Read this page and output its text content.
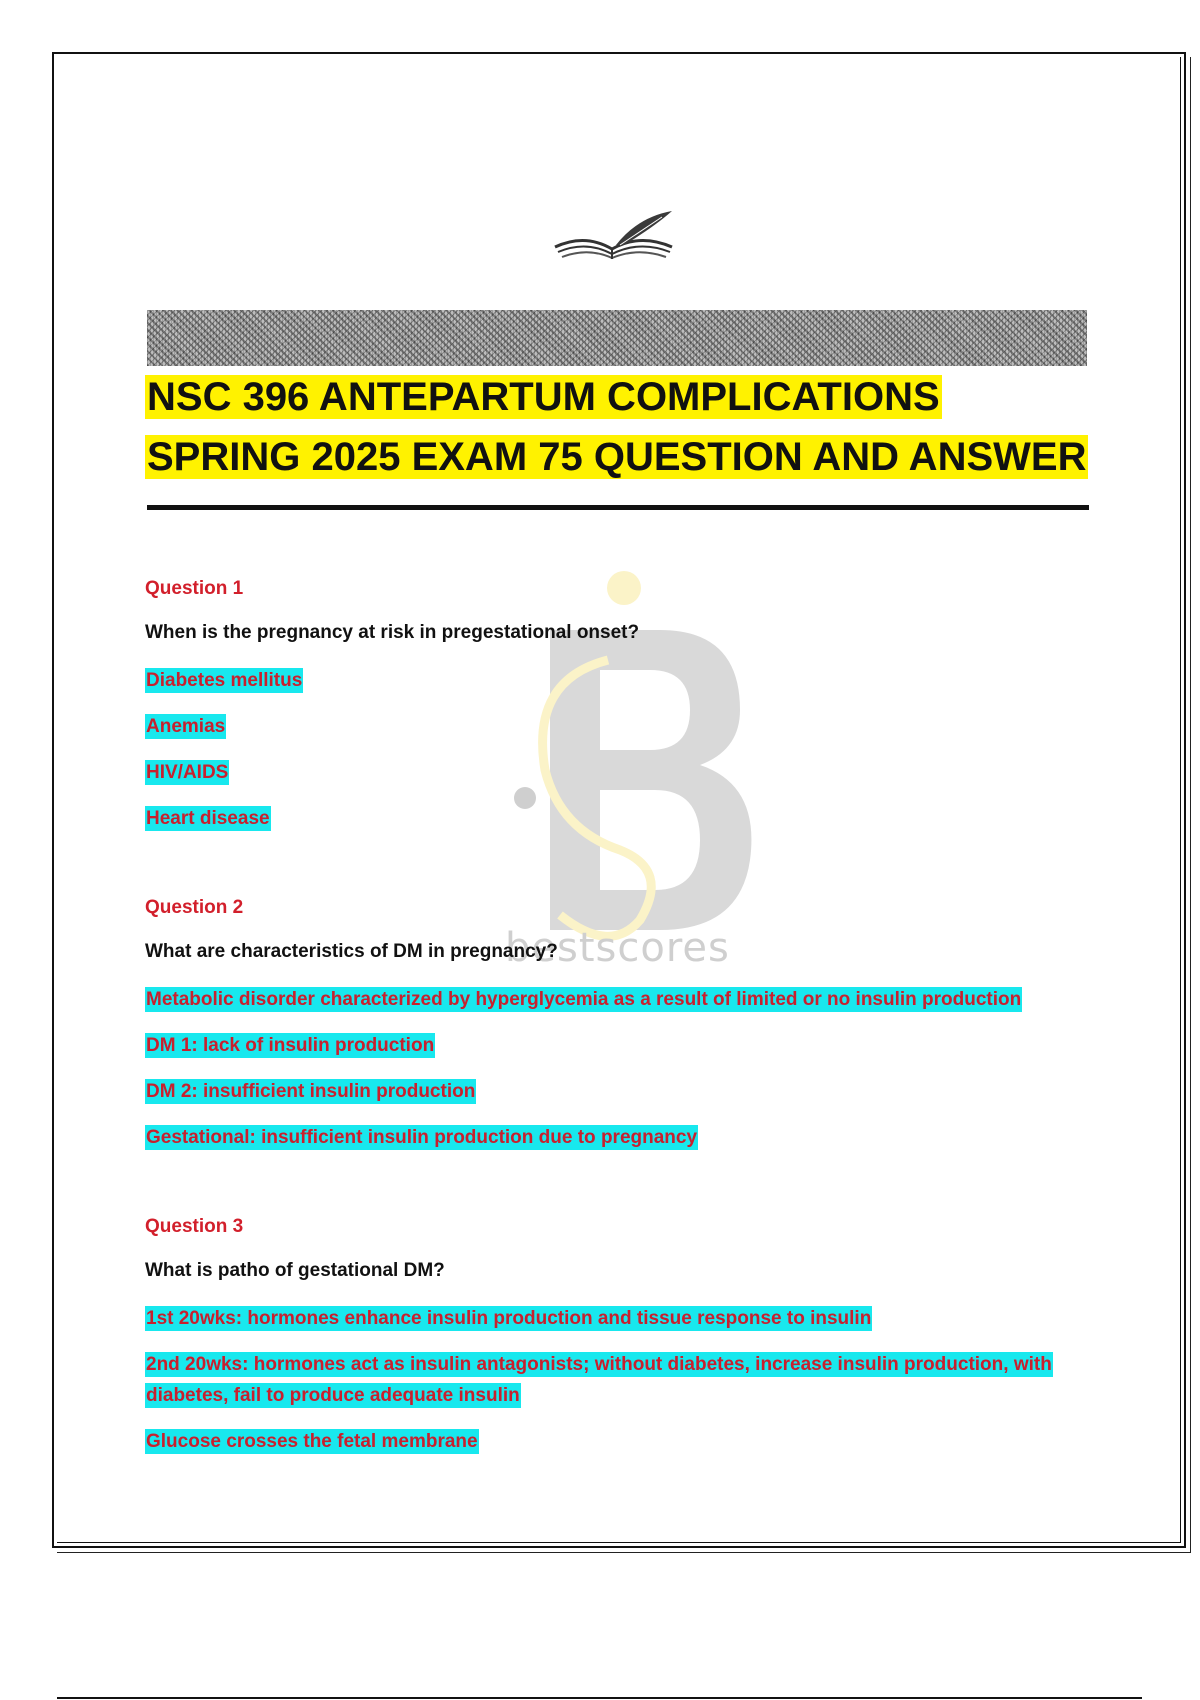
NSC 396 ANTEPARTUM COMPLICATIONS SPRING 2025 EXAM 75 QUESTION AND ANSWER
bestscores
Question 1
When is the pregnancy at risk in pregestational onset?
Diabetes mellitus
Anemias
HIV/AIDS
Heart disease
Question 2
What are characteristics of DM in pregnancy?
Metabolic disorder characterized by hyperglycemia as a result of limited or no insulin production
DM 1: lack of insulin production
DM 2: insufficient insulin production
Gestational: insufficient insulin production due to pregnancy
Question 3
What is patho of gestational DM?
1st 20wks: hormones enhance insulin production and tissue response to insulin
2nd 20wks: hormones act as insulin antagonists; without diabetes, increase insulin production, with diabetes, fail to produce adequate insulin
Glucose crosses the fetal membrane
